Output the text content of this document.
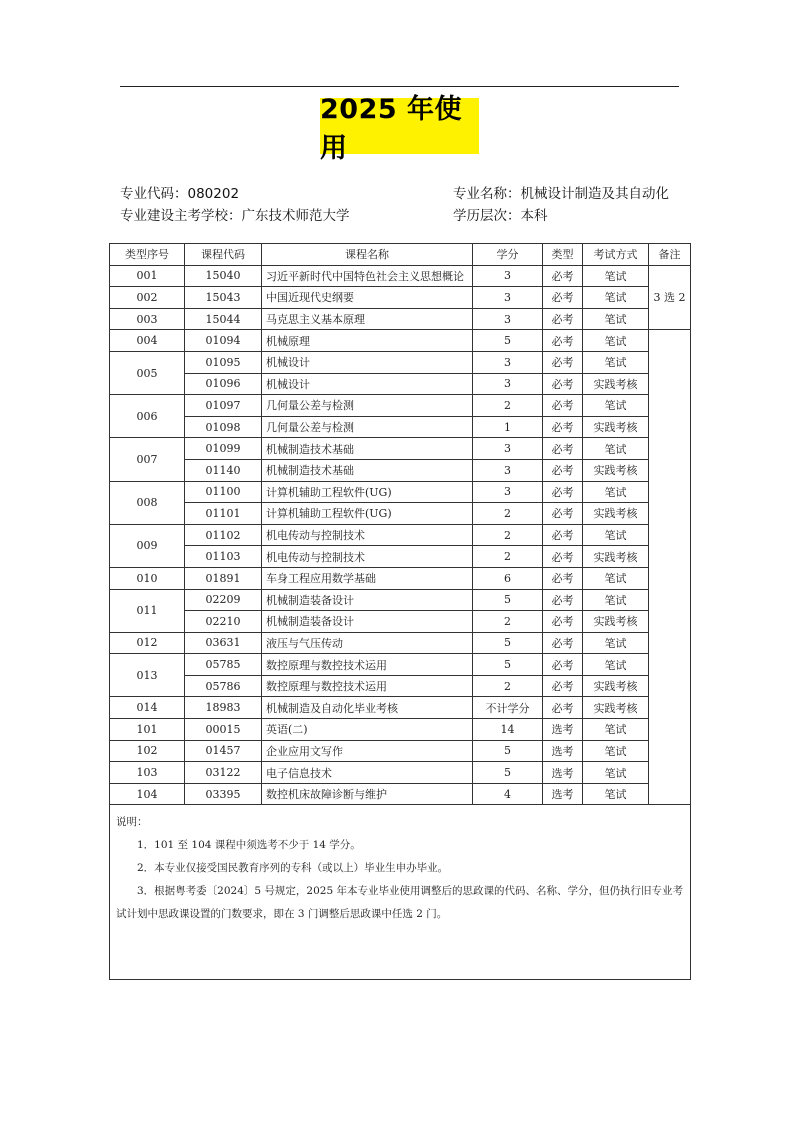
2025 年使用
专业代码：080202	专业名称：机械设计制造及其自动化
专业建设主考学校：广东技术师范大学	学历层次：本科
类型序号	课程代码	课程名称	学分	类型	考试方式	备注
001	15040	习近平新时代中国特色社会主义思想概论	3	必考	笔试	3 选 2
002	15043	中国近现代史纲要	3	必考	笔试	
003	15044	马克思主义基本原理	3	必考	笔试	
004	01094	机械原理	5	必考	笔试	
005	01095	机械设计	3	必考	笔试	
	01096	机械设计	3	必考	实践考核	
006	01097	几何量公差与检测	2	必考	笔试	
	01098	几何量公差与检测	1	必考	实践考核	
007	01099	机械制造技术基础	3	必考	笔试	
	01140	机械制造技术基础	3	必考	实践考核	
008	01100	计算机辅助工程软件(UG)	3	必考	笔试	
	01101	计算机辅助工程软件(UG)	2	必考	实践考核	
009	01102	机电传动与控制技术	2	必考	笔试	
	01103	机电传动与控制技术	2	必考	实践考核	
010	01891	车身工程应用数学基础	6	必考	笔试	
011	02209	机械制造装备设计	5	必考	笔试	
	02210	机械制造装备设计	2	必考	实践考核	
012	03631	液压与气压传动	5	必考	笔试	
013	05785	数控原理与数控技术运用	5	必考	笔试	
	05786	数控原理与数控技术运用	2	必考	实践考核	
014	18983	机械制造及自动化毕业考核	不计学分	必考	实践考核	
101	00015	英语(二)	14	选考	笔试	
102	01457	企业应用文写作	5	选考	笔试	
103	03122	电子信息技术	5	选考	笔试	
104	03395	数控机床故障诊断与维护	4	选考	笔试	

说明：
1．101 至 104 课程中须选考不少于 14 学分。
2．本专业仅接受国民教育序列的专科（或以上）毕业生申办毕业。
3．根据粤考委〔2024〕5 号规定，2025 年本专业毕业使用调整后的思政课的代码、名称、学分，但仍执行旧专业考试计划中思政课设置的门数要求，即在 3 门调整后思政课中任选 2 门。						
